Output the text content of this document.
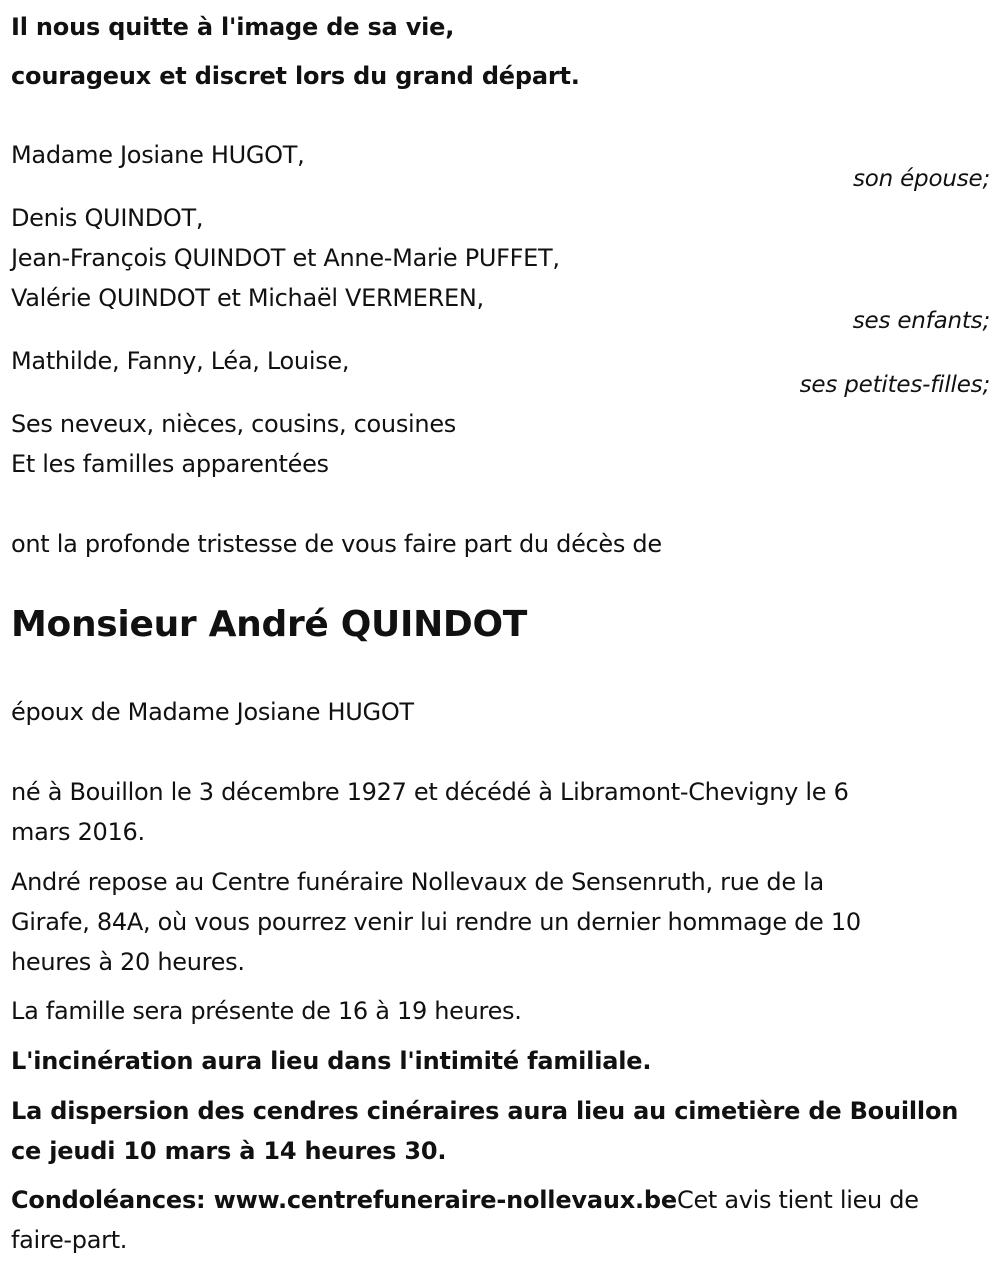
Il nous quitte à l'image de sa vie,
courageux et discret lors du grand départ.
Madame Josiane HUGOT,
son épouse;
Denis QUINDOT,
Jean-François QUINDOT et Anne-Marie PUFFET,
Valérie QUINDOT et Michaël VERMEREN,
ses enfants;
Mathilde, Fanny, Léa, Louise,
ses petites-filles;
Ses neveux, nièces, cousins, cousines
Et les familles apparentées
ont la profonde tristesse de vous faire part du décès de
Monsieur André QUINDOT
époux de Madame Josiane HUGOT
né à Bouillon le 3 décembre 1927 et décédé à Libramont-Chevigny le 6
mars 2016.
André repose au Centre funéraire Nollevaux de Sensenruth, rue de la
Girafe, 84A, où vous pourrez venir lui rendre un dernier hommage de 10
heures à 20 heures.
La famille sera présente de 16 à 19 heures.
L'incinération aura lieu dans l'intimité familiale.
La dispersion des cendres cinéraires aura lieu au cimetière de Bouillon
ce jeudi 10 mars à 14 heures 30.
Condoléances: www.centrefuneraire-nollevaux.beCet avis tient lieu de
faire-part.
